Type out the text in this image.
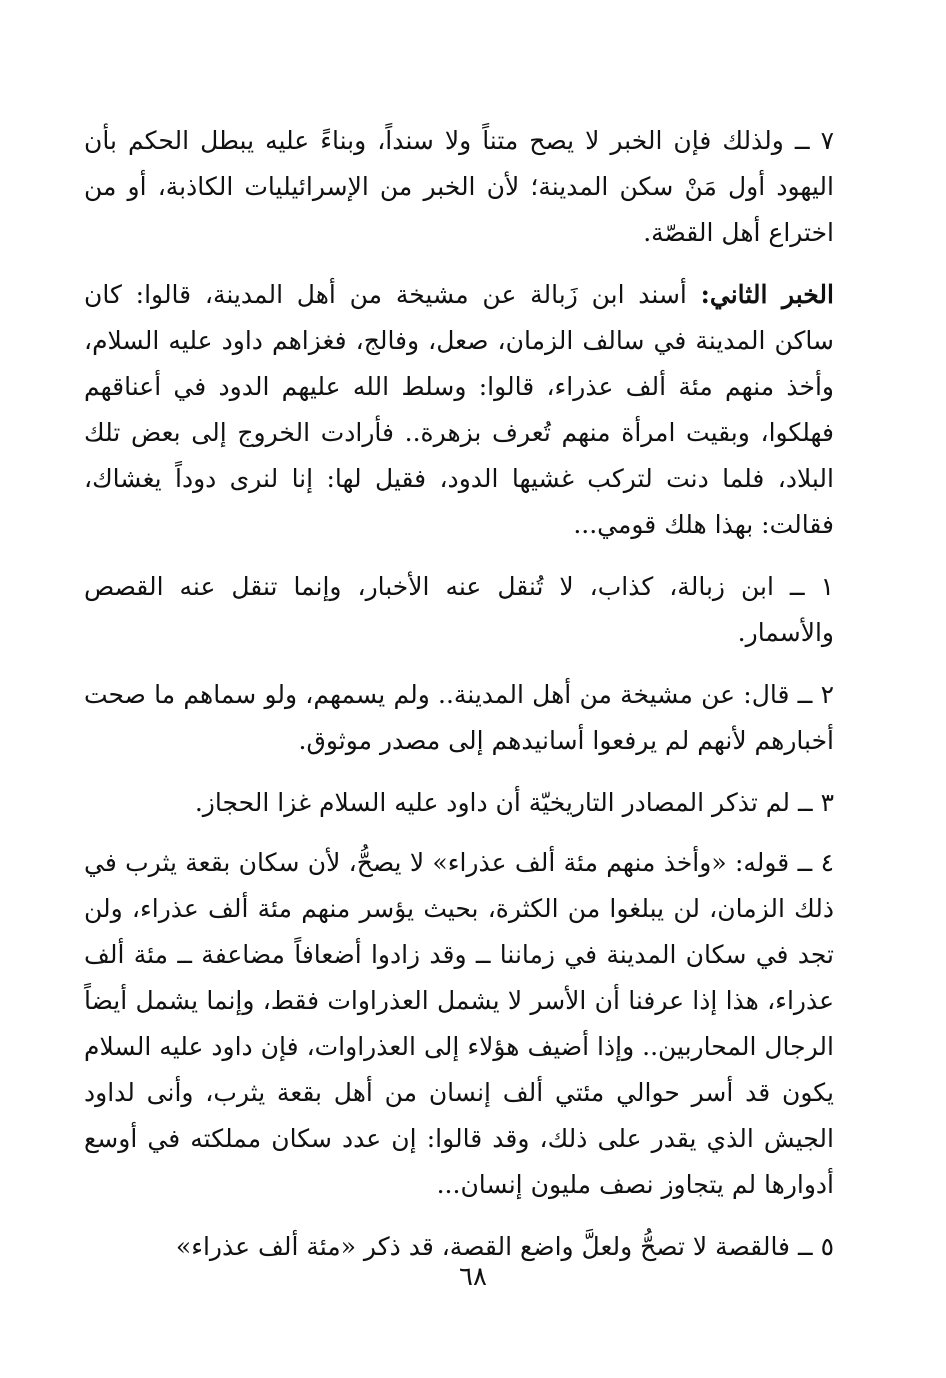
٧ ــ ولذلك فإن الخبر لا يصح متناً ولا سنداً، وبناءً عليه يبطل الحكم بأن اليهود أول مَنْ سكن المدينة؛ لأن الخبر من الإسرائيليات الكاذبة، أو من اختراع أهل القصّة.

الخبر الثاني: أسند ابن زَبالة عن مشيخة من أهل المدينة، قالوا: كان ساكن المدينة في سالف الزمان، صعل، وفالج، فغزاهم داود عليه السلام، وأخذ منهم مئة ألف عذراء، قالوا: وسلط الله عليهم الدود في أعناقهم فهلكوا، وبقيت امرأة منهم تُعرف بزهرة.. فأرادت الخروج إلى بعض تلك البلاد، فلما دنت لتركب غشيها الدود، فقيل لها: إنا لنرى دوداً يغشاك، فقالت: بهذا هلك قومي...

١ ــ ابن زبالة، كذاب، لا تُنقل عنه الأخبار، وإنما تنقل عنه القصص والأسمار.

٢ ــ قال: عن مشيخة من أهل المدينة.. ولم يسمهم، ولو سماهم ما صحت أخبارهم لأنهم لم يرفعوا أسانيدهم إلى مصدر موثوق.

٣ ــ لم تذكر المصادر التاريخيّة أن داود عليه السلام غزا الحجاز.

٤ ــ قوله: «وأخذ منهم مئة ألف عذراء» لا يصحُّ، لأن سكان بقعة يثرب في ذلك الزمان، لن يبلغوا من الكثرة، بحيث يؤسر منهم مئة ألف عذراء، ولن تجد في سكان المدينة في زماننا ــ وقد زادوا أضعافاً مضاعفة ــ مئة ألف عذراء، هذا إذا عرفنا أن الأسر لا يشمل العذراوات فقط، وإنما يشمل أيضاً الرجال المحاربين.. وإذا أضيف هؤلاء إلى العذراوات، فإن داود عليه السلام يكون قد أسر حوالي مئتي ألف إنسان من أهل بقعة يثرب، وأنى لداود الجيش الذي يقدر على ذلك، وقد قالوا: إن عدد سكان مملكته في أوسع أدوارها لم يتجاوز نصف مليون إنسان...

٥ ــ فالقصة لا تصحُّ ولعلَّ واضع القصة، قد ذكر «مئة ألف عذراء»

٦٨
